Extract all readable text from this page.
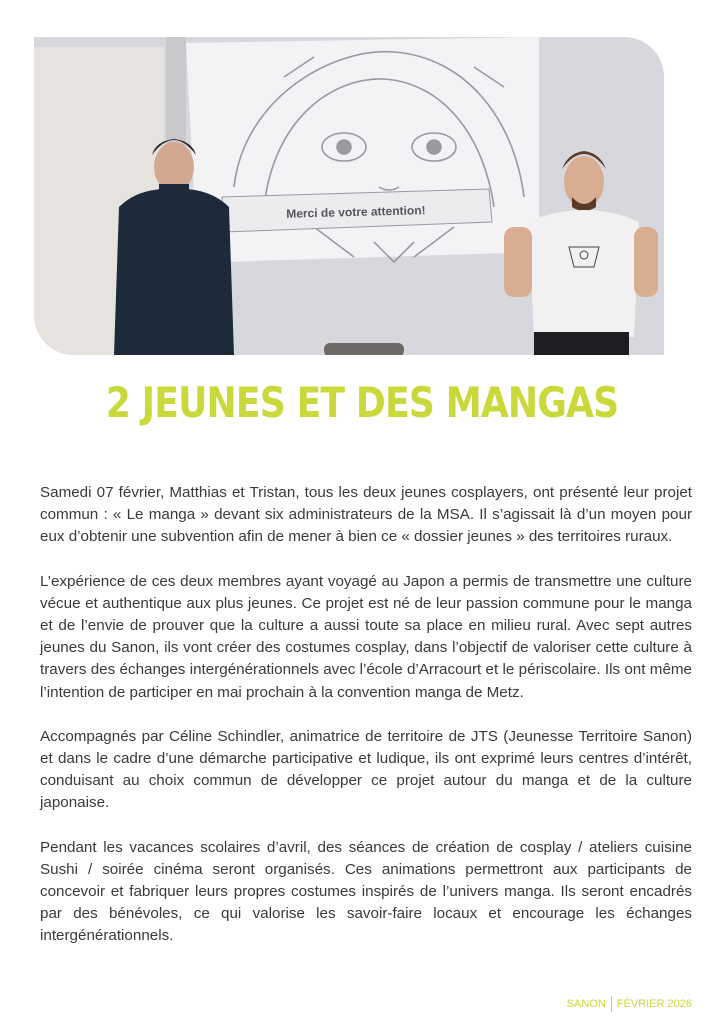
Merci de votre attention!
2 JEUNES ET DES MANGAS

Samedi 07 février, Matthias et Tristan, tous les deux jeunes cosplayers, ont présenté leur projet commun : « Le manga » devant six administrateurs de la MSA. Il s’agissait là d’un moyen pour eux d’obtenir une subvention afin de mener à bien ce « dossier jeunes » des territoires ruraux.

L’expérience de ces deux membres ayant voyagé au Japon a permis de transmettre une culture vécue et authentique aux plus jeunes. Ce projet est né de leur passion commune pour le manga et de l’envie de prouver que la culture a aussi toute sa place en milieu rural. Avec sept autres jeunes du Sanon, ils vont créer des costumes cosplay, dans l’objectif de valoriser cette culture à travers des échanges intergénérationnels avec l’école d’Arracourt et le périscolaire. Ils ont même l’intention de participer en mai prochain à la convention manga de Metz.

Accompagnés par Céline Schindler, animatrice de territoire de JTS (Jeunesse Territoire Sanon) et dans le cadre d’une démarche participative et ludique, ils ont exprimé leurs centres d’intérêt, conduisant au choix commun de développer ce projet autour du manga et de la culture japonaise.

Pendant les vacances scolaires d’avril, des séances de création de cosplay / ateliers cuisine Sushi / soirée cinéma seront organisés. Ces animations permettront aux participants de concevoir et fabriquer leurs propres costumes inspirés de l’univers manga. Ils seront encadrés par des bénévoles, ce qui valorise les savoir-faire locaux et encourage les échanges intergénérationnels.

SANON FÉVRIER 2026
